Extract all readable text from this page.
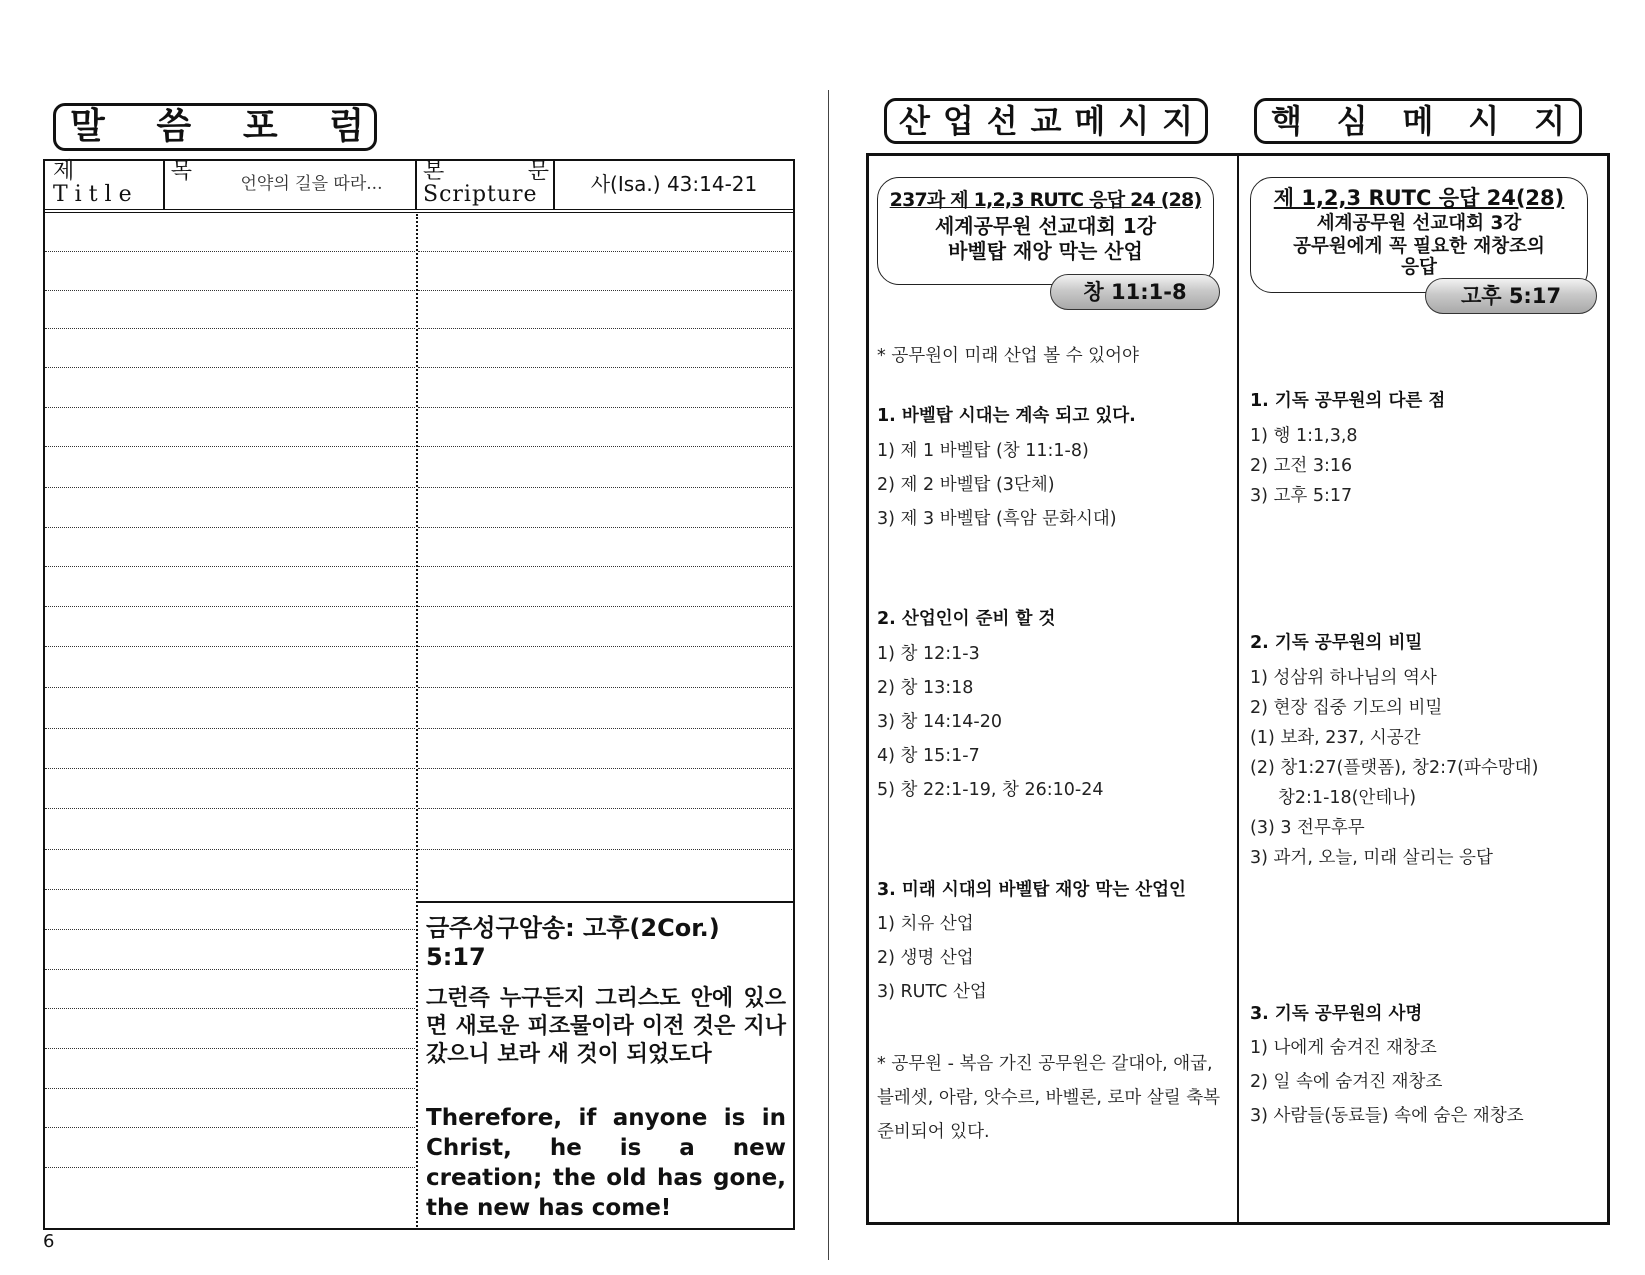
말 씀 포 럼
제	목
Title	언약의 길을 따라...	본	문
Scripture	사(Isa.) 43:14-21
금주성구암송: 고후(2Cor.) 5:17
그런즉 누구든지 그리스도 안에 있으면 새로운 피조물이라 이전 것은 지나갔으니 보라 새 것이 되었도다
Therefore, if anyone is in Christ, he is a new creation; the old has gone, the new has come!
6
산 업 선 교 메 시 지 핵 심 메 시 지
237과 제 1,2,3 RUTC 응답 24 (28)
세계공무원 선교대회 1강
바벨탑 재앙 막는 산업
창 11:1-8
제 1,2,3 RUTC 응답 24(28)
세계공무원 선교대회 3강
공무원에게 꼭 필요한 재창조의
응답
고후 5:17
* 공무원이 미래 산업 볼 수 있어야
1. 바벨탑 시대는 계속 되고 있다.
1) 제 1 바벨탑 (창 11:1-8)
2) 제 2 바벨탑 (3단체)
3) 제 3 바벨탑 (흑암 문화시대)
2. 산업인이 준비 할 것
1) 창 12:1-3
2) 창 13:18
3) 창 14:14-20
4) 창 15:1-7
5) 창 22:1-19, 창 26:10-24
3. 미래 시대의 바벨탑 재앙 막는 산업인
1) 치유 산업
2) 생명 산업
3) RUTC 산업
* 공무원 - 복음 가진 공무원은 갈대아, 애굽, 블레셋, 아람, 앗수르, 바벨론, 로마 살릴 축복 준비되어 있다.
1. 기독 공무원의 다른 점
1) 행 1:1,3,8
2) 고전 3:16
3) 고후 5:17
2. 기독 공무원의 비밀
1) 성삼위 하나님의 역사
2) 현장 집중 기도의 비밀
(1) 보좌, 237, 시공간
(2) 창1:27(플랫폼), 창2:7(파수망대)
창2:1-18(안테나)
(3) 3 전무후무
3) 과거, 오늘, 미래 살리는 응답
3. 기독 공무원의 사명
1) 나에게 숨겨진 재창조
2) 일 속에 숨겨진 재창조
3) 사람들(동료들) 속에 숨은 재창조
